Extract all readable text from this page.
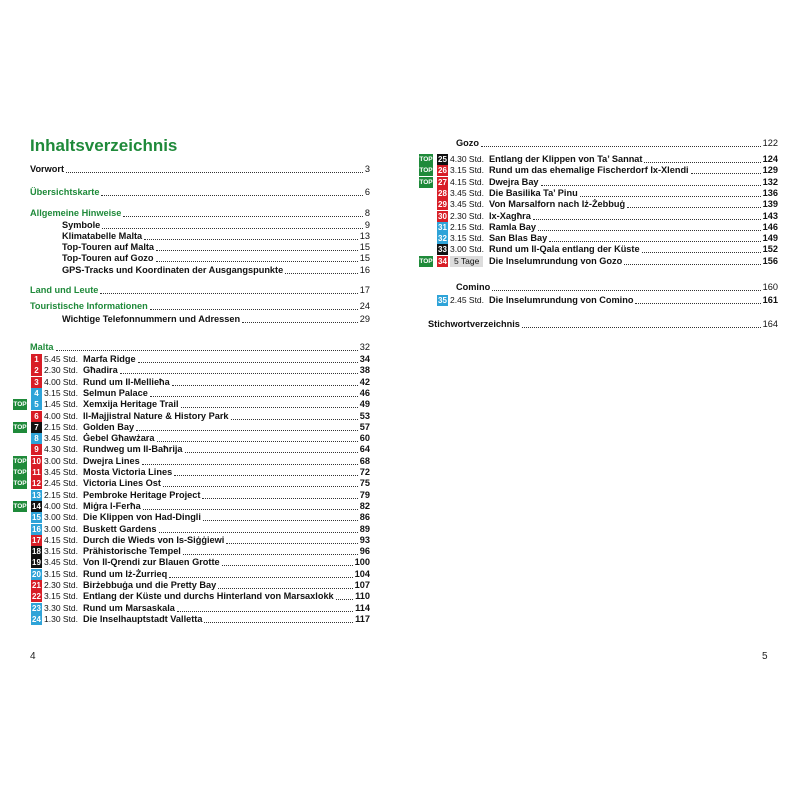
Inhaltsverzeichnis
Vorwort	3
Übersichtskarte	6
Allgemeine Hinweise	8
Symbole	9
Klimatabelle Malta	13
Top-Touren auf Malta	15
Top-Touren auf Gozo	15
GPS-Tracks und Koordinaten der Ausgangspunkte	16
Land und Leute	17
Touristische Informationen	24
Wichtige Telefonnummern und Adressen	29
Malta	32
1 5.45 Std. Marfa Ridge	34
2 2.30 Std. Għadira	38
3 4.00 Std. Rund um Il-Mellieħa	42
4 3.15 Std. Selmun Palace	46
TOP 5 1.45 Std. Xemxija Heritage Trail	49
6 4.00 Std. Il-Majjistral Nature & History Park	53
TOP 7 2.15 Std. Golden Bay	57
8 3.45 Std. Ġebel Għawżara	60
9 4.30 Std. Rundweg um Il-Baħrija	64
TOP 10 3.00 Std. Dwejra Lines	68
TOP 11 3.45 Std. Mosta Victoria Lines	72
TOP 12 2.45 Std. Victoria Lines Ost	75
13 2.15 Std. Pembroke Heritage Project	79
TOP 14 4.00 Std. Miġra l-Ferħa	82
15 3.00 Std. Die Klippen von Had-Dingli	86
16 3.00 Std. Buskett Gardens	89
17 4.15 Std. Durch die Wieds von Is-Siġġiewi	93
18 3.15 Std. Prähistorische Tempel	96
19 3.45 Std. Von Il-Qrendi zur Blauen Grotte	100
20 3.15 Std. Rund um Iż-Żurrieq	104
21 2.30 Std. Birżebbuġa und die Pretty Bay	107
22 3.15 Std. Entlang der Küste und durchs Hinterland von Marsaxlokk 110
23 3.30 Std. Rund um Marsaskala	114
24 1.30 Std. Die Inselhauptstadt Valletta	117
4
Gozo	122
TOP 25 4.30 Std. Entlang der Klippen von Ta’ Sannat	124
TOP 26 3.15 Std. Rund um das ehemalige Fischerdorf Ix-Xlendi	129
TOP 27 4.15 Std. Dwejra Bay	132
28 3.45 Std. Die Basilika Ta’ Pinu	136
29 3.45 Std. Von Marsalforn nach Iż-Żebbuġ	139
30 2.30 Std. Ix-Xagħra	143
31 2.15 Std. Ramla Bay	146
32 3.15 Std. San Blas Bay	149
33 3.00 Std. Rund um Il-Qala entlang der Küste	152
TOP 34 5 Tage	Die Inselumrundung von Gozo	156
Comino	160
35 2.45 Std. Die Inselumrundung von Comino	161
Stichwortverzeichnis	164
5
